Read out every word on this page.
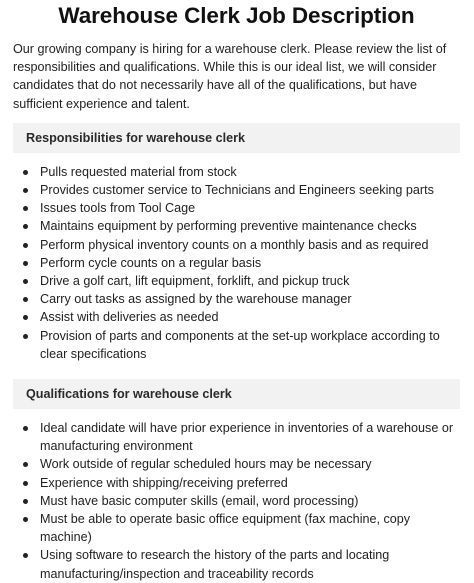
Warehouse Clerk Job Description

Our growing company is hiring for a warehouse clerk. Please review the list of responsibilities and qualifications. While this is our ideal list, we will consider candidates that do not necessarily have all of the qualifications, but have sufficient experience and talent.

Responsibilities for warehouse clerk
Pulls requested material from stock
Provides customer service to Technicians and Engineers seeking parts
Issues tools from Tool Cage
Maintains equipment by performing preventive maintenance checks
Perform physical inventory counts on a monthly basis and as required
Perform cycle counts on a regular basis
Drive a golf cart, lift equipment, forklift, and pickup truck
Carry out tasks as assigned by the warehouse manager
Assist with deliveries as needed
Provision of parts and components at the set-up workplace according to clear specifications
Qualifications for warehouse clerk
Ideal candidate will have prior experience in inventories of a warehouse or manufacturing environment
Work outside of regular scheduled hours may be necessary
Experience with shipping/receiving preferred
Must have basic computer skills (email, word processing)
Must be able to operate basic office equipment (fax machine, copy machine)
Using software to research the history of the parts and locating manufacturing/inspection and traceability records
